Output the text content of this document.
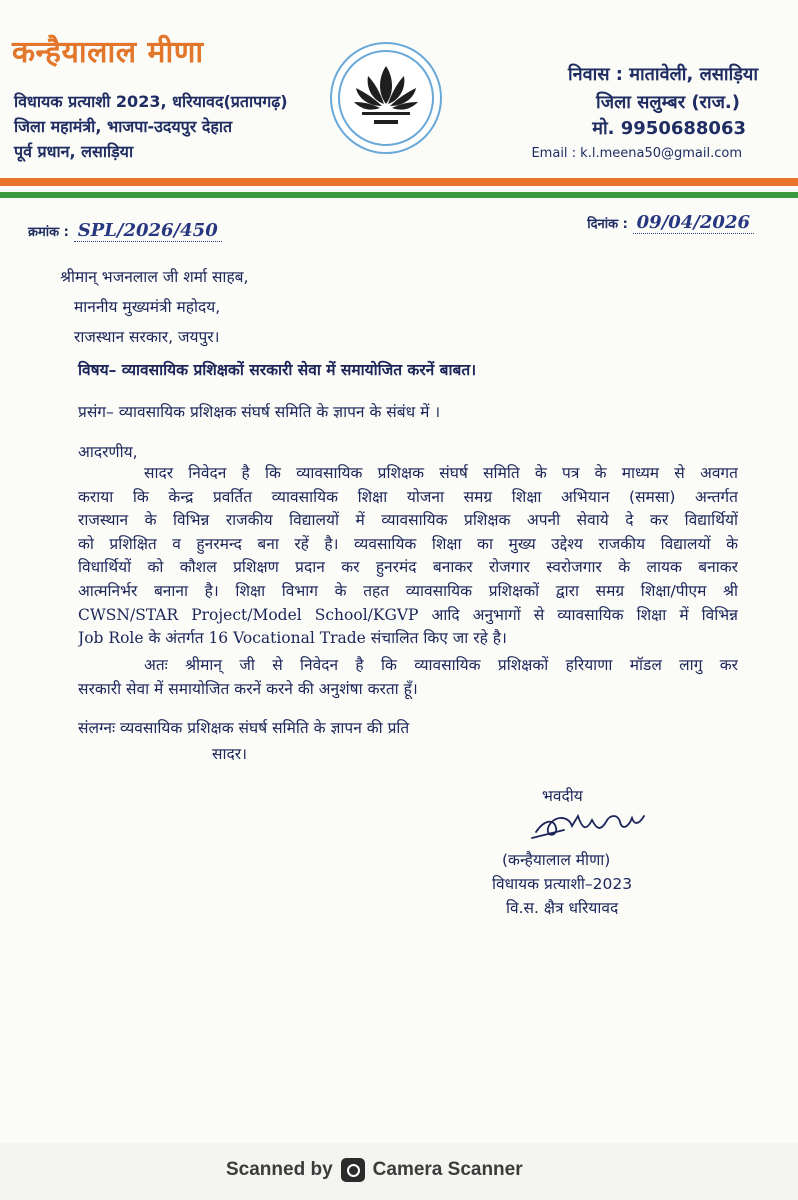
कन्हैयालाल मीणा
विधायक प्रत्याशी 2023, धरियावद(प्रतापगढ़)
जिला महामंत्री, भाजपा-उदयपुर देहात
पूर्व प्रधान, लसाड़िया
निवास : मातावेली, लसाड़िया
जिला सलुम्बर (राज.)
मो. 9950688063
Email : k.l.meena50@gmail.com
क्रमांक : SPL/2026/450	दिनांक : 09/04/2026
श्रीमान् भजनलाल जी शर्मा साहब,
माननीय मुख्यमंत्री महोदय,
राजस्थान सरकार, जयपुर।
विषय– व्यावसायिक प्रशिक्षकों सरकारी सेवा में समायोजित करनें बाबत।
प्रसंग– व्यावसायिक प्रशिक्षक संघर्ष समिति के ज्ञापन के संबंध में ।
आदरणीय,
सादर निवेदन है कि व्यावसायिक प्रशिक्षक संघर्ष समिति के पत्र के माध्यम से अवगत
कराया कि केन्द्र प्रवर्तित व्यावसायिक शिक्षा योजना समग्र शिक्षा अभियान (समसा) अन्तर्गत
राजस्थान के विभिन्न राजकीय विद्यालयों में व्यावसायिक प्रशिक्षक अपनी सेवाये दे कर विद्यार्थियों
को प्रशिक्षित व हुनरमन्द बना रहें है। व्यवसायिक शिक्षा का मुख्य उद्देश्य राजकीय विद्यालयों के
विधार्थियों को कौशल प्रशिक्षण प्रदान कर हुनरमंद बनाकर रोजगार स्वरोजगार के लायक बनाकर
आत्मनिर्भर बनाना है। शिक्षा विभाग के तहत व्यावसायिक प्रशिक्षकों द्वारा समग्र शिक्षा/पीएम श्री
CWSN/STAR Project/Model School/KGVP आदि अनुभागों से व्यावसायिक शिक्षा में विभिन्न
Job Role के अंतर्गत 16 Vocational Trade संचालित किए जा रहे है।
अतः श्रीमान् जी से निवेदन है कि व्यावसायिक प्रशिक्षकों हरियाणा मॉडल लागु कर
सरकारी सेवा में समायोजित करनें करने की अनुशंषा करता हूँ।
संलग्नः व्यवसायिक प्रशिक्षक संघर्ष समिति के ज्ञापन की प्रति
सादर।
भवदीय
(कन्हैयालाल मीणा)
विधायक प्रत्याशी–2023
वि.स. क्षैत्र धरियावद
Scanned by Camera Scanner
